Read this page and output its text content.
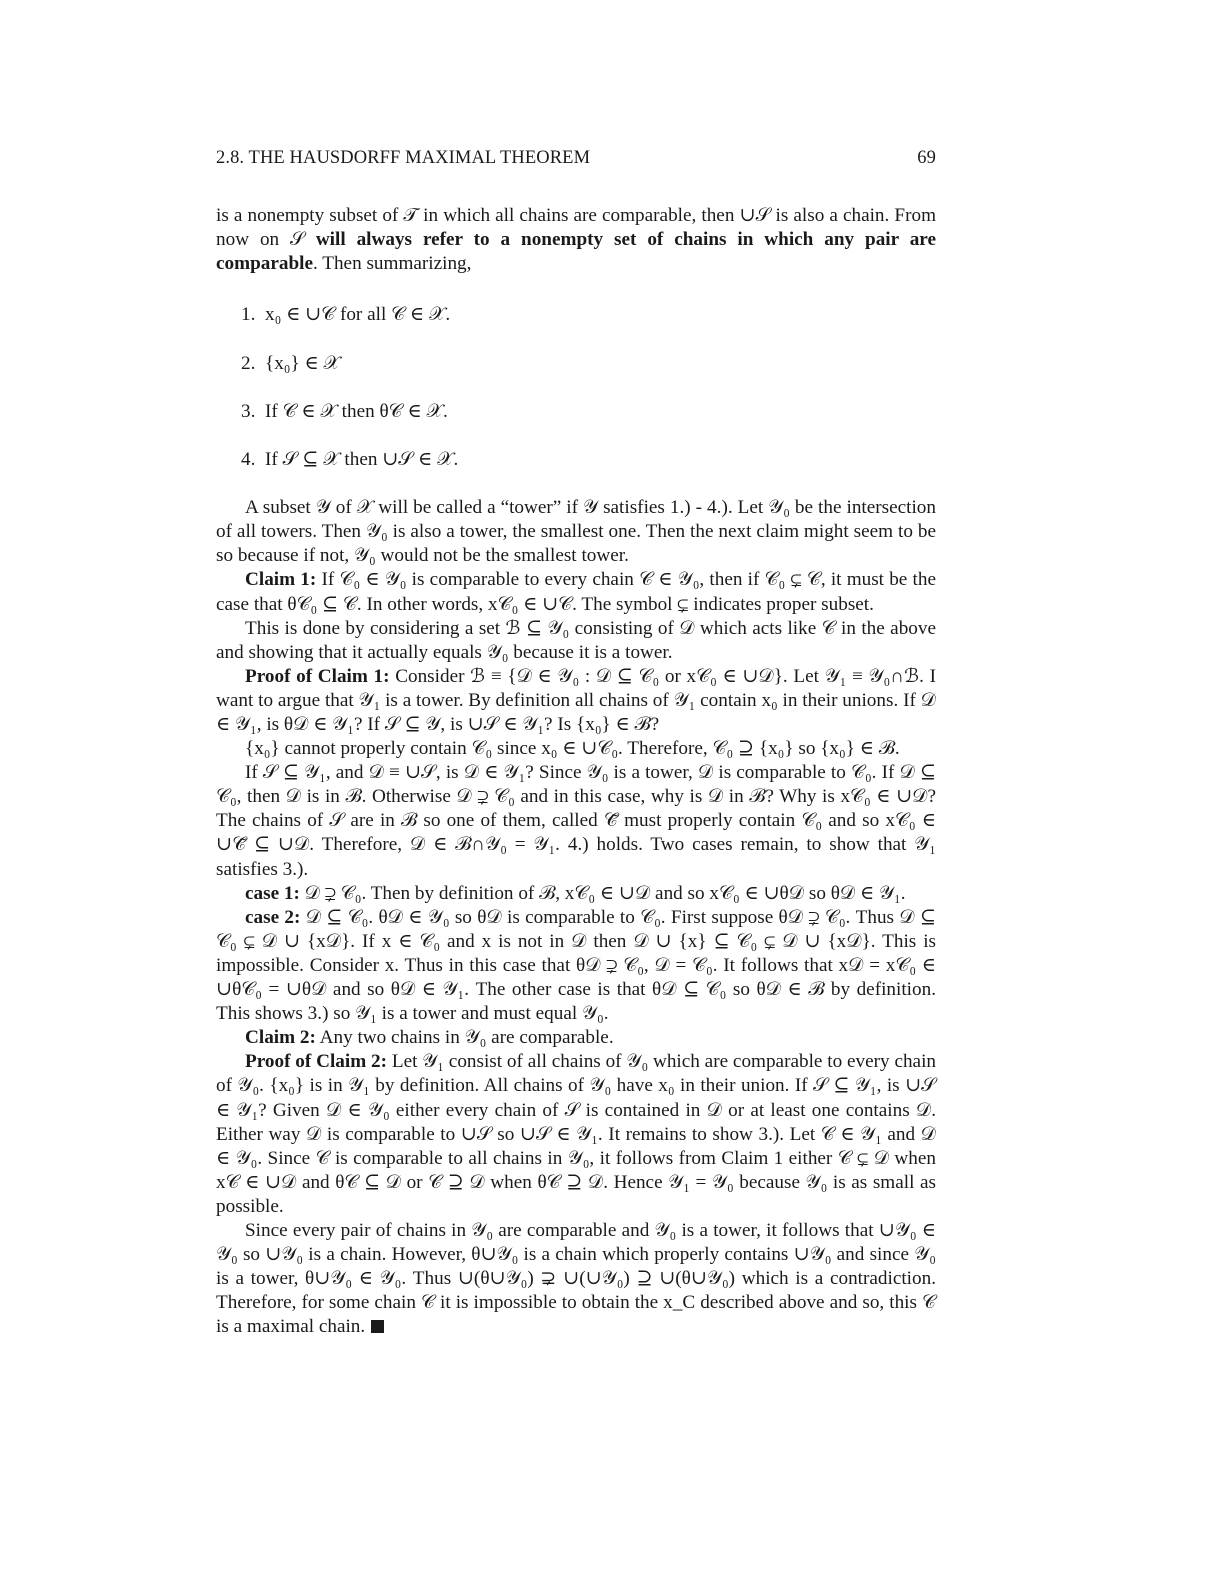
2.8. THE HAUSDORFF MAXIMAL THEOREM	69

is a nonempty subset of 𝒯 in which all chains are comparable, then ∪𝒮 is also a chain. From now on 𝒮 will always refer to a nonempty set of chains in which any pair are comparable. Then summarizing,

1. x₀ ∈ ∪𝒞 for all 𝒞 ∈ 𝒳.
2. {x₀} ∈ 𝒳
3. If 𝒞 ∈ 𝒳 then θ𝒞 ∈ 𝒳.
4. If 𝒮 ⊆ 𝒳 then ∪𝒮 ∈ 𝒳.

A subset 𝒴 of 𝒳 will be called a “tower” if 𝒴 satisfies 1.) - 4.). Let 𝒴₀ be the intersection of all towers. Then 𝒴₀ is also a tower, the smallest one. Then the next claim might seem to be so because if not, 𝒴₀ would not be the smallest tower.

Claim 1: If 𝒞₀ ∈ 𝒴₀ is comparable to every chain 𝒞 ∈ 𝒴₀, then if 𝒞₀ ⊊ 𝒞, it must be the case that θ𝒞₀ ⊆ 𝒞. In other words, x𝒞₀ ∈ ∪𝒞. The symbol ⊊ indicates proper subset.

This is done by considering a set ℬ ⊆ 𝒴₀ consisting of 𝒟 which acts like 𝒞 in the above and showing that it actually equals 𝒴₀ because it is a tower.

Proof of Claim 1: Consider ℬ ≡ {𝒟 ∈ 𝒴₀ : 𝒟 ⊆ 𝒞₀ or x𝒞₀ ∈ ∪𝒟}. Let 𝒴₁ ≡ 𝒴₀∩ℬ. I want to argue that 𝒴₁ is a tower. By definition all chains of 𝒴₁ contain x₀ in their unions. If 𝒟 ∈ 𝒴₁, is θ𝒟 ∈ 𝒴₁? If 𝒮 ⊆ 𝒴, is ∪𝒮 ∈ 𝒴₁? Is {x₀} ∈ ℬ?

{x₀} cannot properly contain 𝒞₀ since x₀ ∈ ∪𝒞₀. Therefore, 𝒞₀ ⊇ {x₀} so {x₀} ∈ ℬ.

If 𝒮 ⊆ 𝒴₁, and 𝒟 ≡ ∪𝒮, is 𝒟 ∈ 𝒴₁? Since 𝒴₀ is a tower, 𝒟 is comparable to 𝒞₀. If 𝒟 ⊆ 𝒞₀, then 𝒟 is in ℬ. Otherwise 𝒟 ⊋ 𝒞₀ and in this case, why is 𝒟 in ℬ? Why is x𝒞₀ ∈ ∪𝒟? The chains of 𝒮 are in ℬ so one of them, called 𝒞̃ must properly contain 𝒞₀ and so x𝒞₀ ∈ ∪𝒞̃ ⊆ ∪𝒟. Therefore, 𝒟 ∈ ℬ∩𝒴₀ = 𝒴₁. 4.) holds. Two cases remain, to show that 𝒴₁ satisfies 3.).

case 1: 𝒟 ⊋ 𝒞₀. Then by definition of ℬ, x𝒞₀ ∈ ∪𝒟 and so x𝒞₀ ∈ ∪θ𝒟 so θ𝒟 ∈ 𝒴₁.

case 2: 𝒟 ⊆ 𝒞₀. θ𝒟 ∈ 𝒴₀ so θ𝒟 is comparable to 𝒞₀. First suppose θ𝒟 ⊋ 𝒞₀. Thus 𝒟 ⊆ 𝒞₀ ⊊ 𝒟 ∪ {x𝒟}. If x ∈ 𝒞₀ and x is not in 𝒟 then 𝒟 ∪ {x} ⊆ 𝒞₀ ⊊ 𝒟 ∪ {x𝒟}. This is impossible. Consider x. Thus in this case that θ𝒟 ⊋ 𝒞₀, 𝒟 = 𝒞₀. It follows that x𝒟 = x𝒞₀ ∈ ∪θ𝒞₀ = ∪θ𝒟 and so θ𝒟 ∈ 𝒴₁. The other case is that θ𝒟 ⊆ 𝒞₀ so θ𝒟 ∈ ℬ by definition. This shows 3.) so 𝒴₁ is a tower and must equal 𝒴₀.

Claim 2: Any two chains in 𝒴₀ are comparable.

Proof of Claim 2: Let 𝒴₁ consist of all chains of 𝒴₀ which are comparable to every chain of 𝒴₀. {x₀} is in 𝒴₁ by definition. All chains of 𝒴₀ have x₀ in their union. If 𝒮 ⊆ 𝒴₁, is ∪𝒮 ∈ 𝒴₁? Given 𝒟 ∈ 𝒴₀ either every chain of 𝒮 is contained in 𝒟 or at least one contains 𝒟. Either way 𝒟 is comparable to ∪𝒮 so ∪𝒮 ∈ 𝒴₁. It remains to show 3.). Let 𝒞 ∈ 𝒴₁ and 𝒟 ∈ 𝒴₀. Since 𝒞 is comparable to all chains in 𝒴₀, it follows from Claim 1 either 𝒞 ⊊ 𝒟 when x𝒞 ∈ ∪𝒟 and θ𝒞 ⊆ 𝒟 or 𝒞 ⊇ 𝒟 when θ𝒞 ⊇ 𝒟. Hence 𝒴₁ = 𝒴₀ because 𝒴₀ is as small as possible.

Since every pair of chains in 𝒴₀ are comparable and 𝒴₀ is a tower, it follows that ∪𝒴₀ ∈ 𝒴₀ so ∪𝒴₀ is a chain. However, θ∪𝒴₀ is a chain which properly contains ∪𝒴₀ and since 𝒴₀ is a tower, θ∪𝒴₀ ∈ 𝒴₀. Thus ∪(θ∪𝒴₀) ⊋ ∪(∪𝒴₀) ⊇ ∪(θ∪𝒴₀) which is a contradiction. Therefore, for some chain 𝒞 it is impossible to obtain the x_C described above and so, this 𝒞 is a maximal chain.
